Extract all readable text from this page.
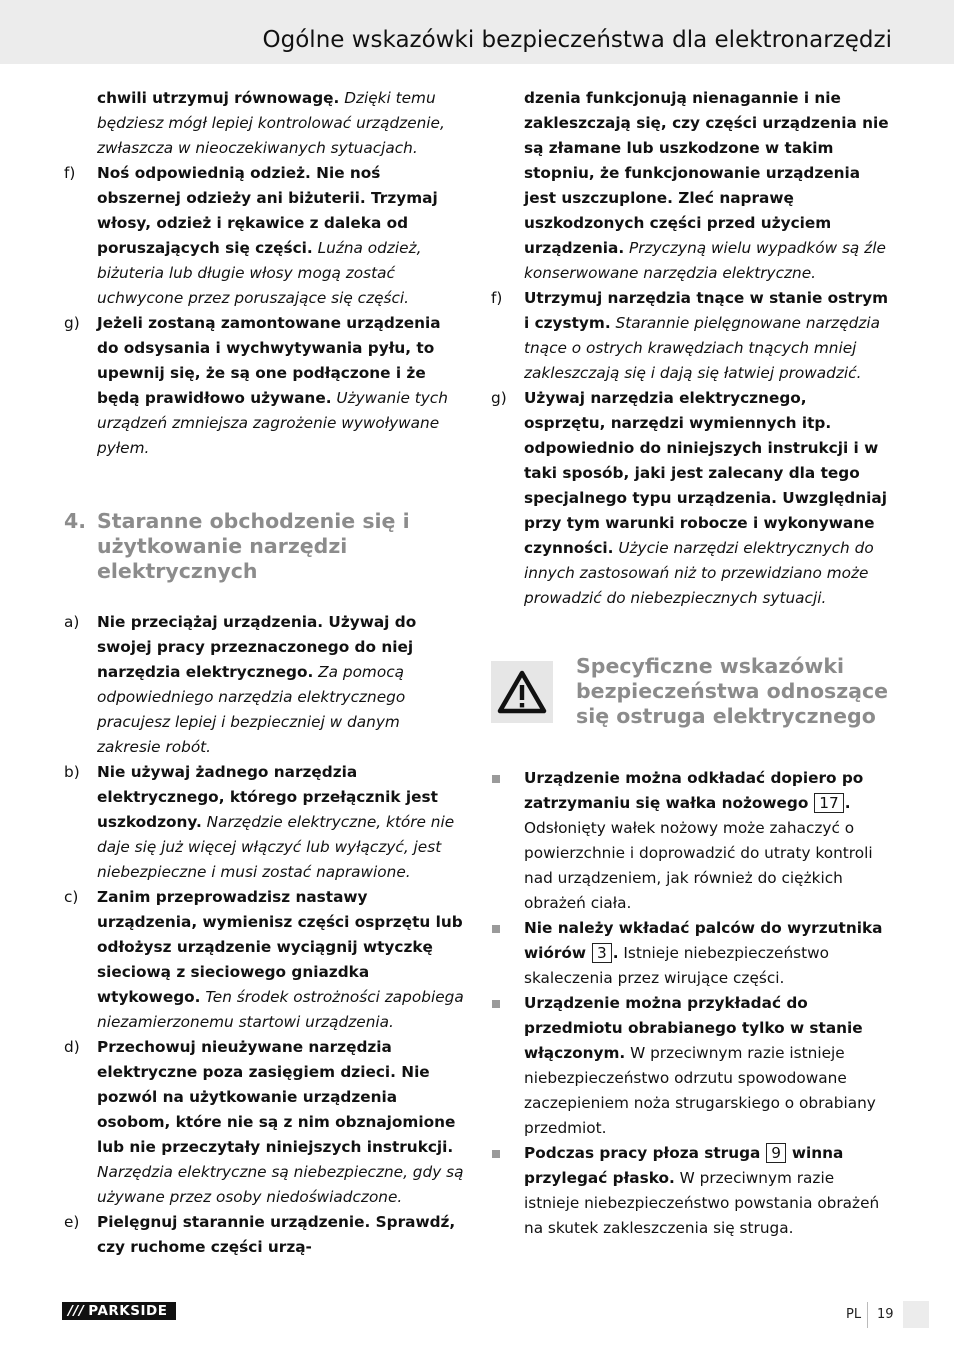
Ogólne wskazówki bezpieczeństwa dla elektronarzędzi
chwili utrzymuj równowagę. Dzięki temu będziesz mógł lepiej kontrolować urządzenie, zwłaszcza w nieoczekiwanych sytuacjach.
f) Noś odpowiednią odzież. Nie noś obszernej odzieży ani biżuterii. Trzymaj włosy, odzież i rękawice z daleka od poruszających się części. Luźna odzież, biżuteria lub długie włosy mogą zostać uchwycone przez poruszające się części.
g) Jeżeli zostaną zamontowane urządzenia do odsysania i wychwytywania pyłu, to upewnij się, że są one podłączone i że będą prawidłowo używane. Używanie tych urządzeń zmniejsza zagrożenie wywoływane pyłem.
4. Staranne obchodzenie się i użytkowanie narzędzi elektrycznych
a) Nie przeciążaj urządzenia. Używaj do swojej pracy przeznaczonego do niej narzędzia elektrycznego. Za pomocą odpowiedniego narzędzia elektrycznego pracujesz lepiej i bezpieczniej w danym zakresie robót.
b) Nie używaj żadnego narzędzia elektrycznego, którego przełącznik jest uszkodzony. Narzędzie elektryczne, które nie daje się już więcej włączyć lub wyłączyć, jest niebezpieczne i musi zostać naprawione.
c) Zanim przeprowadzisz nastawy urządzenia, wymienisz części osprzętu lub odłożysz urządzenie wyciągnij wtyczkę sieciową z sieciowego gniazdka wtykowego. Ten środek ostrożności zapobiega niezamierzonemu startowi urządzenia.
d) Przechowuj nieużywane narzędzia elektryczne poza zasięgiem dzieci. Nie pozwól na użytkowanie urządzenia osobom, które nie są z nim obznajomione lub nie przeczytały niniejszych instrukcji. Narzędzia elektryczne są niebezpieczne, gdy są używane przez osoby niedoświadczone.
e) Pielęgnuj starannie urządzenie. Sprawdź, czy ruchome części urzą-
dzenia funkcjonują nienagannie i nie zakleszczają się, czy części urządzenia nie są złamane lub uszkodzone w takim stopniu, że funkcjonowanie urządzenia jest uszczuplone. Zleć naprawę uszkodzonych części przed użyciem urządzenia. Przyczyną wielu wypadków są źle konserwowane narzędzia elektryczne.
f) Utrzymuj narzędzia tnące w stanie ostrym i czystym. Starannie pielęgnowane narzędzia tnące o ostrych krawędziach tnących mniej zakleszczają się i dają się łatwiej prowadzić.
g) Używaj narzędzia elektrycznego, osprzętu, narzędzi wymiennych itp. odpowiednio do niniejszych instrukcji i w taki sposób, jaki jest zalecany dla tego specjalnego typu urządzenia. Uwzględniaj przy tym warunki robocze i wykonywane czynności. Użycie narzędzi elektrycznych do innych zastosowań niż to przewidziano może prowadzić do niebezpiecznych sytuacji.
Specyficzne wskazówki bezpieczeństwa odnoszące się ostruga elektrycznego
Urządzenie można odkładać dopiero po zatrzymaniu się wałka nożowego 17 . Odsłonięty wałek nożowy może zahaczyć o powierzchnie i doprowadzić do utraty kontroli nad urządzeniem, jak również do ciężkich obrażeń ciała.
Nie należy wkładać palców do wyrzutnika wiórów 3 . Istnieje niebezpieczeństwo skaleczenia przez wirujące części.
Urządzenie można przykładać do przedmiotu obrabianego tylko w stanie włączonym. W przeciwnym razie istnieje niebezpieczeństwo odrzutu spowodowane zaczepieniem noża strugarskiego o obrabiany przedmiot.
Podczas pracy płoza struga 9 winna przylegać płasko. W przeciwnym razie istnieje niebezpieczeństwo powstania obrażeń na skutek zakleszczenia się struga.
/// PARKSIDE	PL 19
